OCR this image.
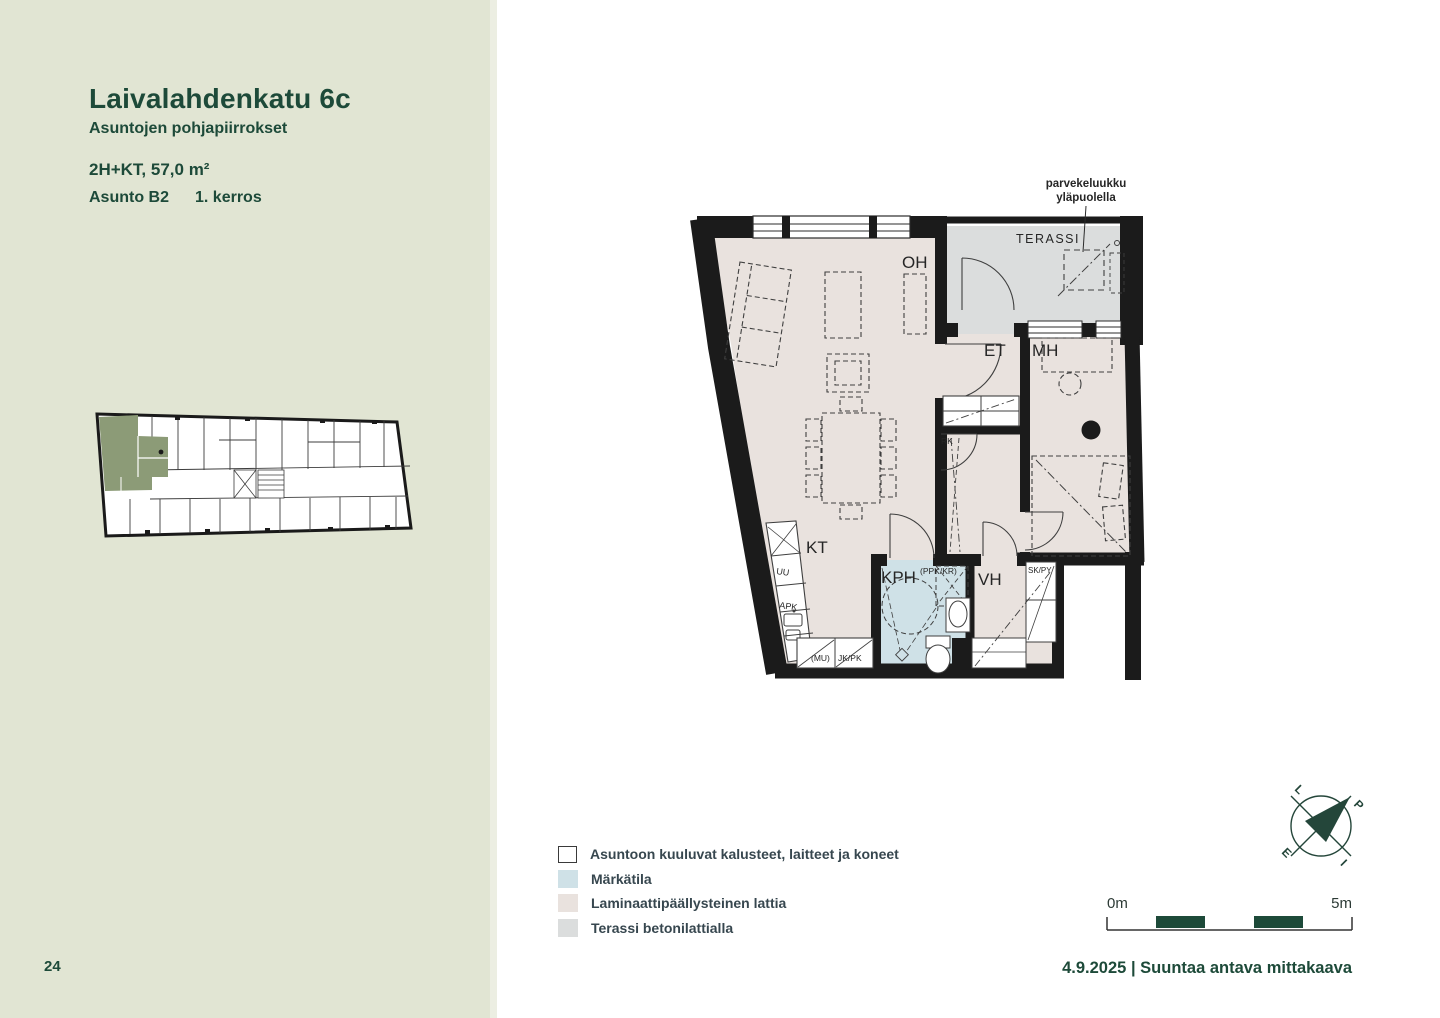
Laivalahdenkatu 6c
Asuntojen pohjapiirrokset
2H+KT, 57,0 m²
Asunto B2 1. kerros
24
OH
KT
ET MH
KPH	VH
TERASSI
(PPK/KR)	SK/PY
RK
UU
APK
(MU) JK/PK
parvekeluukku
yläpuolella
Asuntoon kuuluvat kalusteet, laitteet ja koneet
Märkätila
Laminaattipäällysteinen lattia
Terassi betonilattialla
0m	5m
P
I
E
L
4.9.2025 | Suuntaa antava mittakaava
